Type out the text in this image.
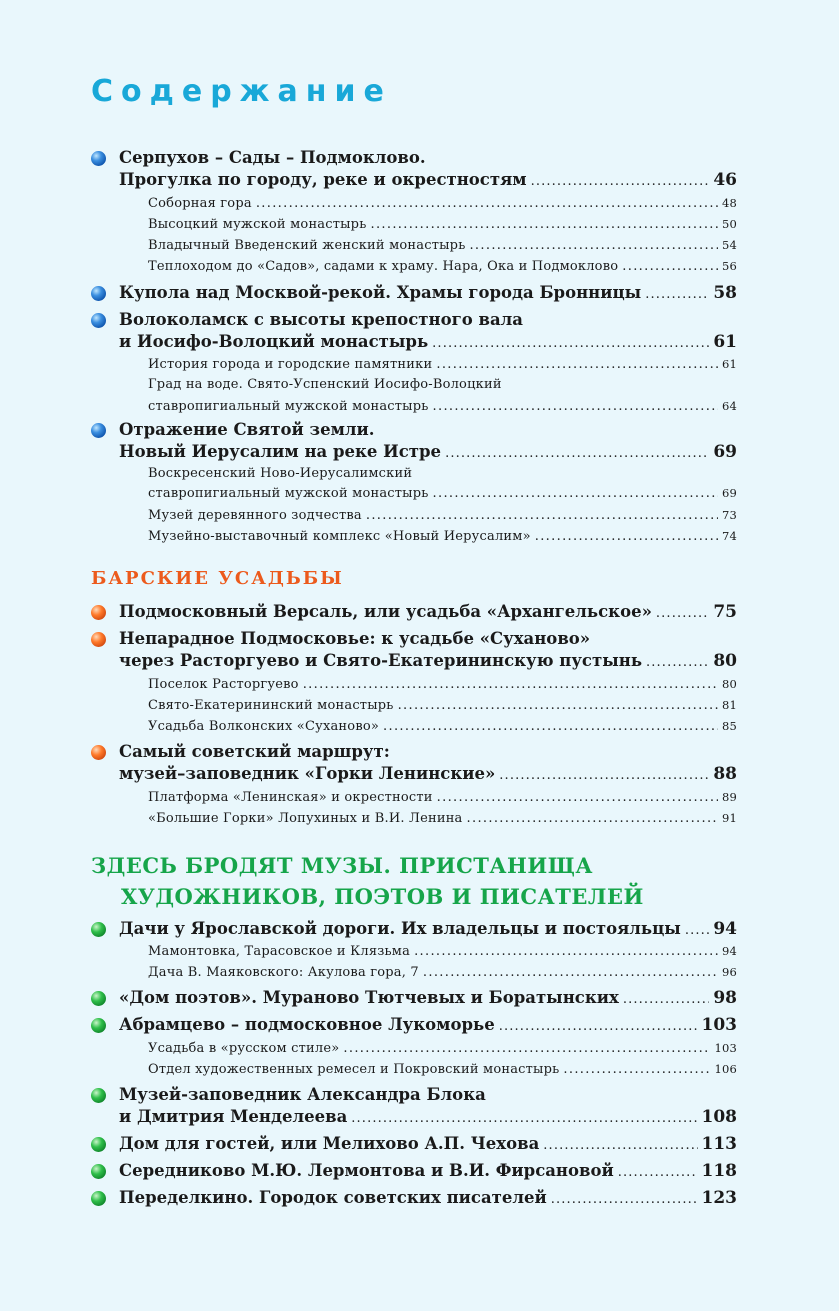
Содержание
Серпухов – Сады – Подмоклово.
Прогулка по городу, реке и окрестностям . . .	46
Соборная гора . . .	48
Высоцкий мужской монастырь . . .	50
Владычный Введенский женский монастырь . . .	54
Теплоходом до «Садов», садами к храму. Нара, Ока и Подмоклово . . .	56
Купола над Москвой-рекой. Храмы города Бронницы . . .	58
Волоколамск с высоты крепостного вала
и Иосифо-Волоцкий монастырь . . .	61
История города и городские памятники . . .	61
Град на воде. Свято-Успенский Иосифо-Волоцкий
ставропигиальный мужской монастырь . . .	64
Отражение Святой земли.
Новый Иерусалим на реке Истре . . .	69
Воскресенский Ново-Иерусалимский
ставропигиальный мужской монастырь . . .	69
Музей деревянного зодчества . . .	73
Музейно-выставочный комплекс «Новый Иерусалим» . . .	74
БАРСКИЕ УСАДЬБЫ
Подмосковный Версаль, или усадьба «Архангельское» . . .	75
Непарадное Подмосковье: к усадьбе «Суханово»
через Расторгуево и Свято-Екатерининскую пустынь . . .	80
Поселок Расторгуево . . .	80
Свято-Екатерининский монастырь . . .	81
Усадьба Волконских «Суханово» . . .	85
Самый советский маршрут:
музей–заповедник «Горки Ленинские» . . .	88
Платформа «Ленинская» и окрестности . . .	89
«Большие Горки» Лопухиных и В.И. Ленина . . .	91
ЗДЕСЬ БРОДЯТ МУЗЫ. ПРИСТАНИЩА
ХУДОЖНИКОВ, ПОЭТОВ И ПИСАТЕЛЕЙ
Дачи у Ярославской дороги. Их владельцы и постояльцы . . . 94
Мамонтовка, Тарасовское и Клязьма . . .	94
Дача В. Маяковского: Акулова гора, 7 . . .	96
«Дом поэтов». Мураново Тютчевых и Боратынских . . .	98
Абрамцево – подмосковное Лукоморье . . .	103
Усадьба в «русском стиле» . . .	103
Отдел художественных ремесел и Покровский монастырь . . .	106
Музей-заповедник Александра Блока
и Дмитрия Менделеева . . .	108
Дом для гостей, или Мелихово А.П. Чехова . . .	113
Середниково М.Ю. Лермонтова и В.И. Фирсановой . . .	118
Переделкино. Городок советских писателей . . .	123
